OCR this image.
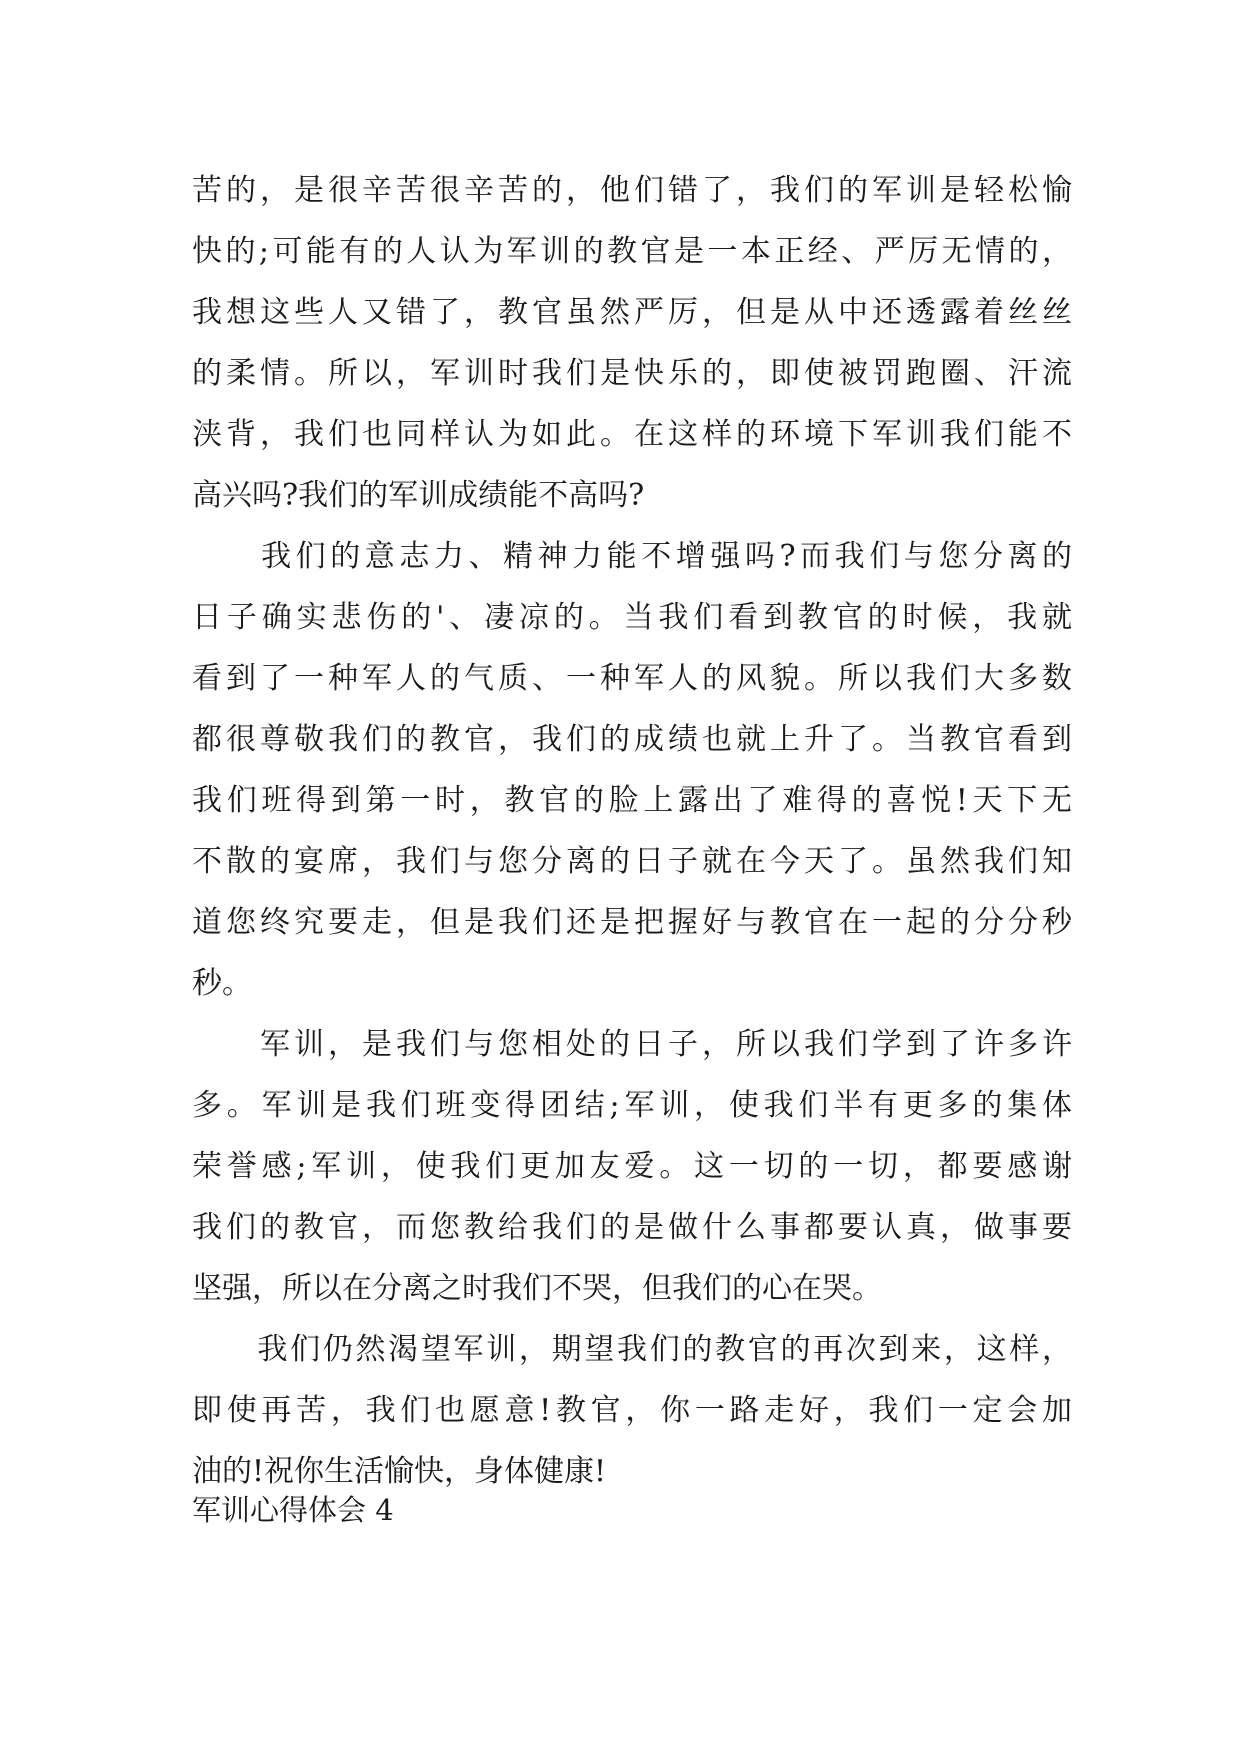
苦的，是很辛苦很辛苦的，他们错了，我们的军训是轻松愉
快的;可能有的人认为军训的教官是一本正经、严厉无情的，
我想这些人又错了，教官虽然严厉，但是从中还透露着丝丝
的柔情。所以，军训时我们是快乐的，即使被罚跑圈、汗流
浃背，我们也同样认为如此。在这样的环境下军训我们能不
高兴吗?我们的军训成绩能不高吗?
　　我们的意志力、精神力能不增强吗?而我们与您分离的
日子确实悲伤的'、凄凉的。当我们看到教官的时候，我就
看到了一种军人的气质、一种军人的风貌。所以我们大多数
都很尊敬我们的教官，我们的成绩也就上升了。当教官看到
我们班得到第一时，教官的脸上露出了难得的喜悦!天下无
不散的宴席，我们与您分离的日子就在今天了。虽然我们知
道您终究要走，但是我们还是把握好与教官在一起的分分秒
秒。
　　军训，是我们与您相处的日子，所以我们学到了许多许
多。军训是我们班变得团结;军训，使我们半有更多的集体
荣誉感;军训，使我们更加友爱。这一切的一切，都要感谢
我们的教官，而您教给我们的是做什么事都要认真，做事要
坚强，所以在分离之时我们不哭，但我们的心在哭。
　　我们仍然渴望军训，期望我们的教官的再次到来，这样，
即使再苦，我们也愿意!教官，你一路走好，我们一定会加
油的!祝你生活愉快，身体健康!
军训心得体会 4
